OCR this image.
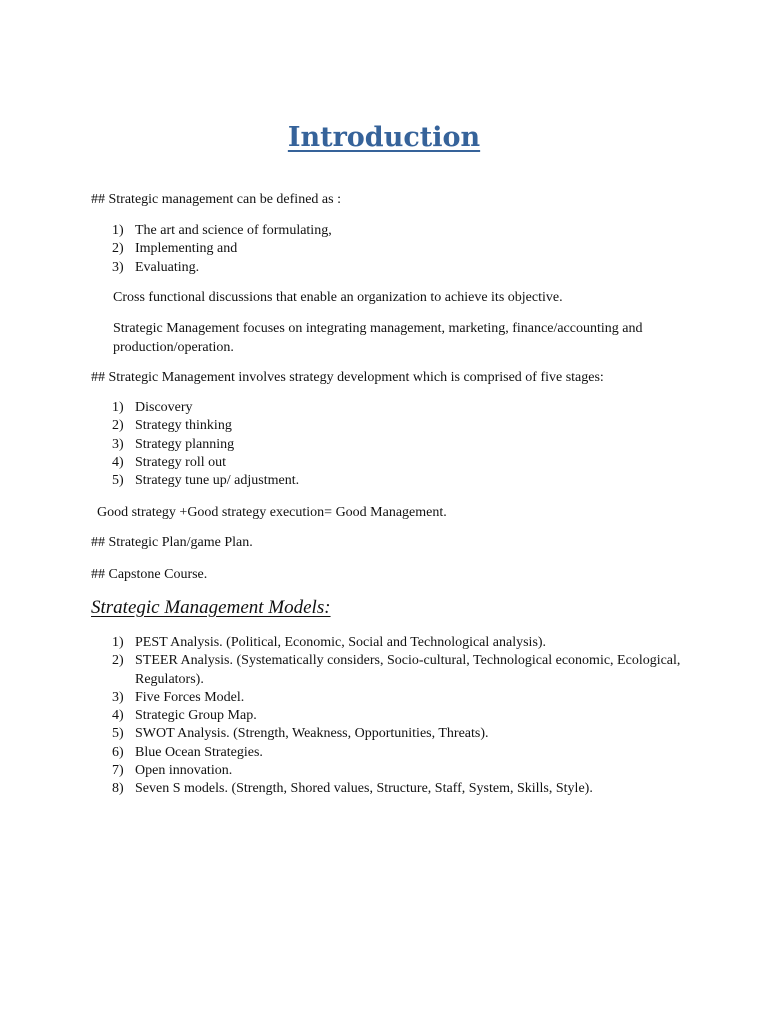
Introduction
## Strategic management can be defined as :
1) The art and science of formulating,
2) Implementing and
3) Evaluating.
Cross functional discussions that enable an organization to achieve its objective.
Strategic Management focuses on integrating management, marketing, finance/accounting and production/operation.
## Strategic Management involves strategy development which is comprised of five stages:
1) Discovery
2) Strategy thinking
3) Strategy planning
4) Strategy roll out
5) Strategy tune up/ adjustment.
Good strategy +Good strategy execution= Good Management.
## Strategic Plan/game Plan.
## Capstone Course.
Strategic Management Models:
1) PEST Analysis. (Political, Economic, Social and Technological analysis).
2) STEER Analysis. (Systematically considers, Socio-cultural, Technological economic, Ecological, Regulators).
3) Five Forces Model.
4) Strategic Group Map.
5) SWOT Analysis. (Strength, Weakness, Opportunities, Threats).
6) Blue Ocean Strategies.
7) Open innovation.
8) Seven S models. (Strength, Shored values, Structure, Staff, System, Skills, Style).
